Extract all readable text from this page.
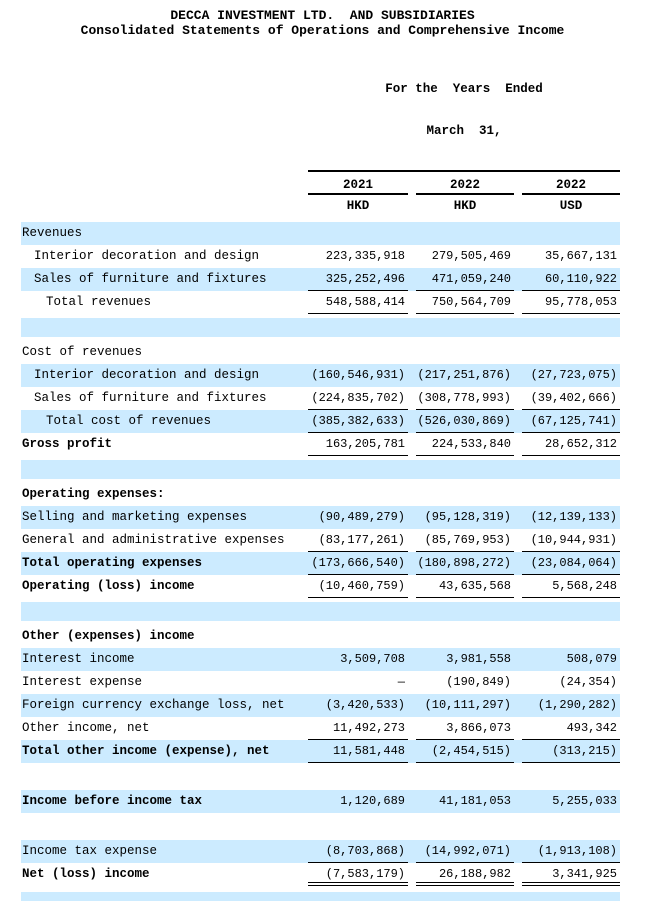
DECCA INVESTMENT LTD.  AND SUBSIDIARIES
Consolidated Statements of Operations and Comprehensive Income

For the  Years  Ended

March  31,

2021	2022	2022
HKD	HKD	USD
Revenues
Interior decoration and design	223,335,918	279,505,469	35,667,131
Sales of furniture and fixtures	325,252,496	471,059,240	60,110,922
Total revenues	548,588,414	750,564,709	95,778,053
Cost of revenues
Interior decoration and design	(160,546,931) (217,251,876)	(27,723,075)
Sales of furniture and fixtures	(224,835,702) (308,778,993)	(39,402,666)
Total cost of revenues	(385,382,633) (526,030,869)	(67,125,741)
Gross profit	163,205,781	224,533,840	28,652,312
Operating expenses:
Selling and marketing expenses	(90,489,279)	(95,128,319)	(12,139,133)
General and administrative expenses	(83,177,261)	(85,769,953)	(10,944,931)
Total operating expenses	(173,666,540) (180,898,272)	(23,084,064)
Operating (loss) income	(10,460,759)	43,635,568	5,568,248
Other (expenses) income
Interest income	3,509,708	3,981,558	508,079
Interest expense	—	(190,849)	(24,354)
Foreign currency exchange loss, net	(3,420,533)	(10,111,297)	(1,290,282)
Other income, net	11,492,273	3,866,073	493,342
Total other income (expense), net	11,581,448	(2,454,515)	(313,215)
Income before income tax	1,120,689	41,181,053	5,255,033
Income tax expense	(8,703,868)	(14,992,071)	(1,913,108)
Net (loss) income	(7,583,179)	26,188,982	3,341,925
